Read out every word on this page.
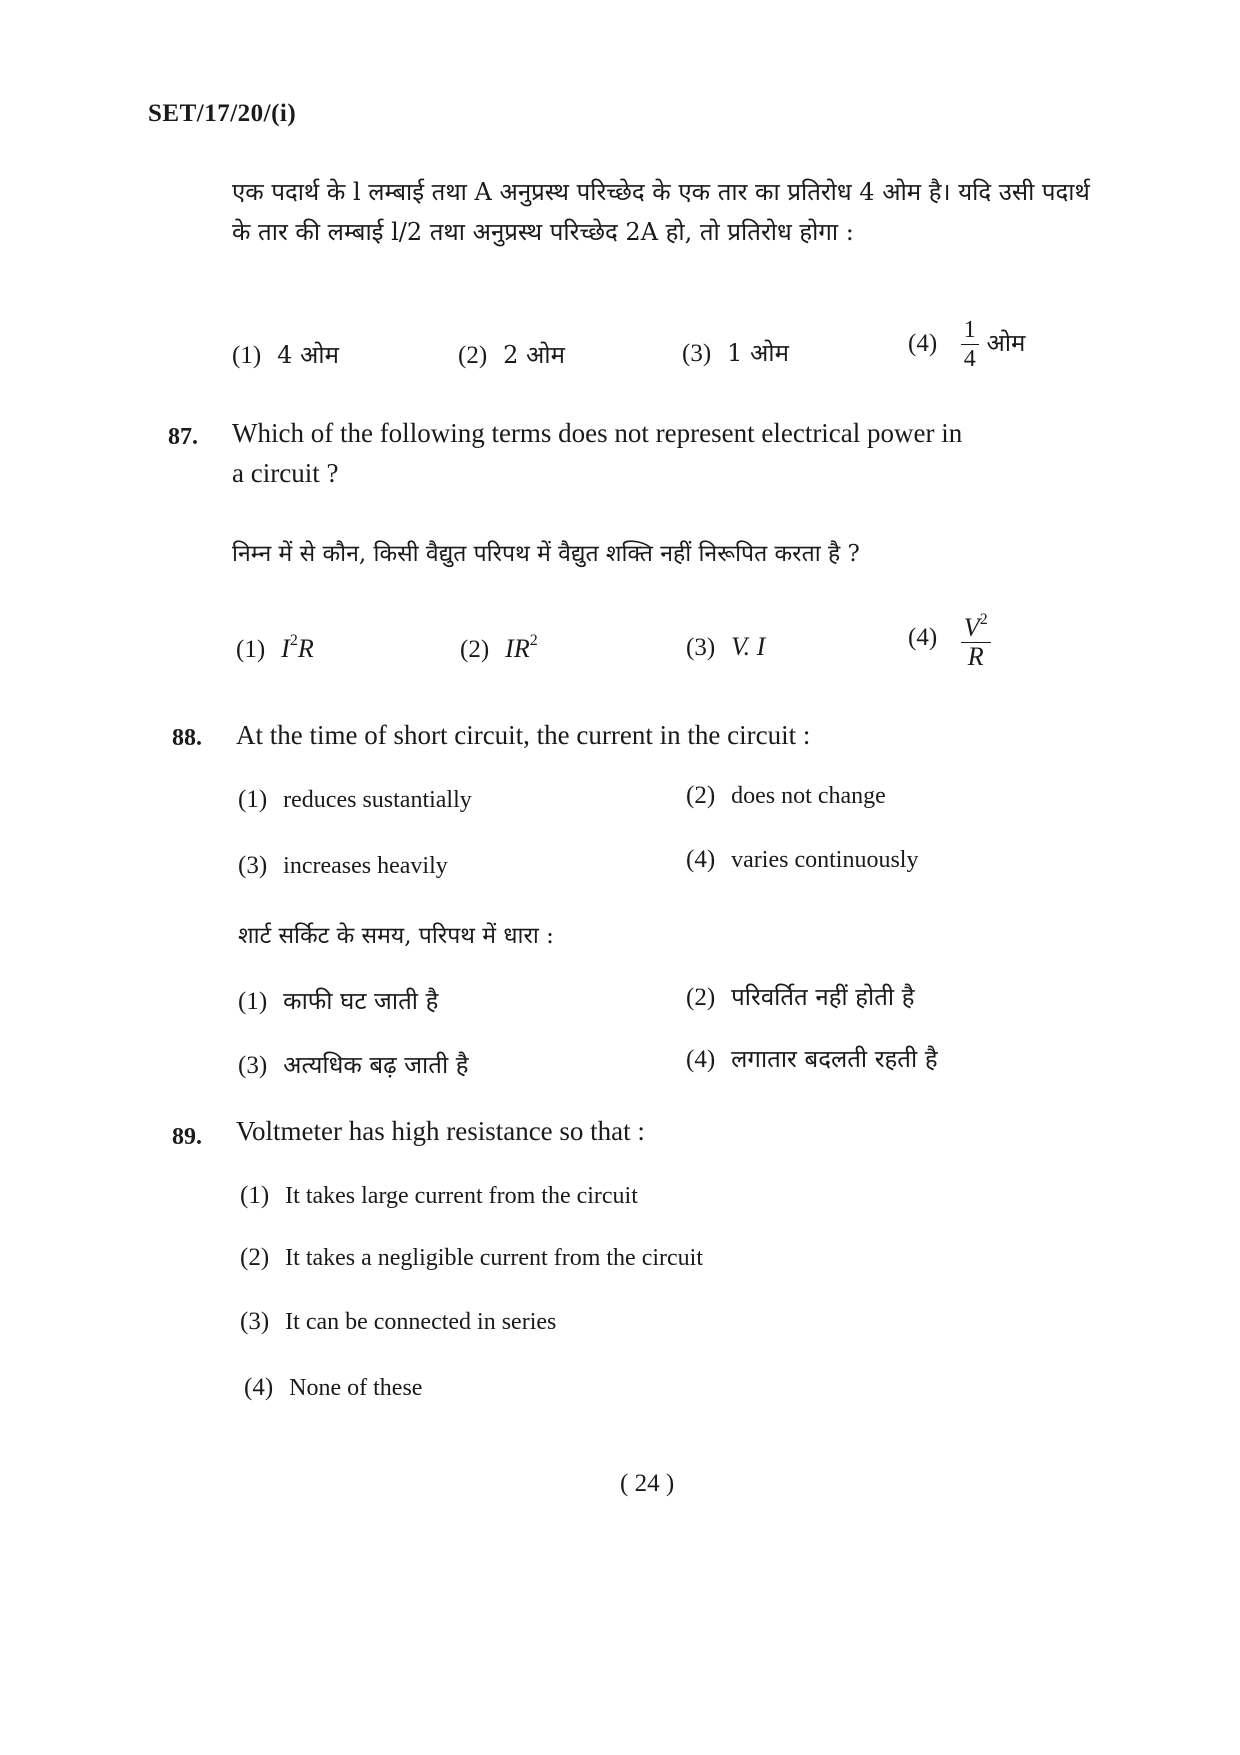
SET/17/20/(i)
एक पदार्थ के l लम्बाई तथा A अनुप्रस्थ परिच्छेद के एक तार का प्रतिरोध 4 ओम है। यदि उसी पदार्थ के तार की लम्बाई l/2 तथा अनुप्रस्थ परिच्छेद 2A हो, तो प्रतिरोध होगा :
(1) 4 ओम	(2) 2 ओम	(3) 1 ओम	$(4) \frac{1}{4}$ ओम
87. Which of the following terms does not represent electrical power in
a circuit ?
निम्न में से कौन, किसी वैद्युत परिपथ में वैद्युत शक्ति नहीं निरूपित करता है ?
(1) $I^2R$	(2) $IR^2$	(3) V. I	$(4) \frac{V^2}{R}$
88. At the time of short circuit, the current in the circuit :
(1) reduces sustantially	(2) does not change
(3) increases heavily	(4) varies continuously
शार्ट सर्किट के समय, परिपथ में धारा :
(1) काफी घट जाती है	(2) परिवर्तित नहीं होती है
(3) अत्यधिक बढ़ जाती है	(4) लगातार बदलती रहती है
89. Voltmeter has high resistance so that :
(1) It takes large current from the circuit
(2) It takes a negligible current from the circuit
(3) It can be connected in series
(4) None of these
( 24 )
